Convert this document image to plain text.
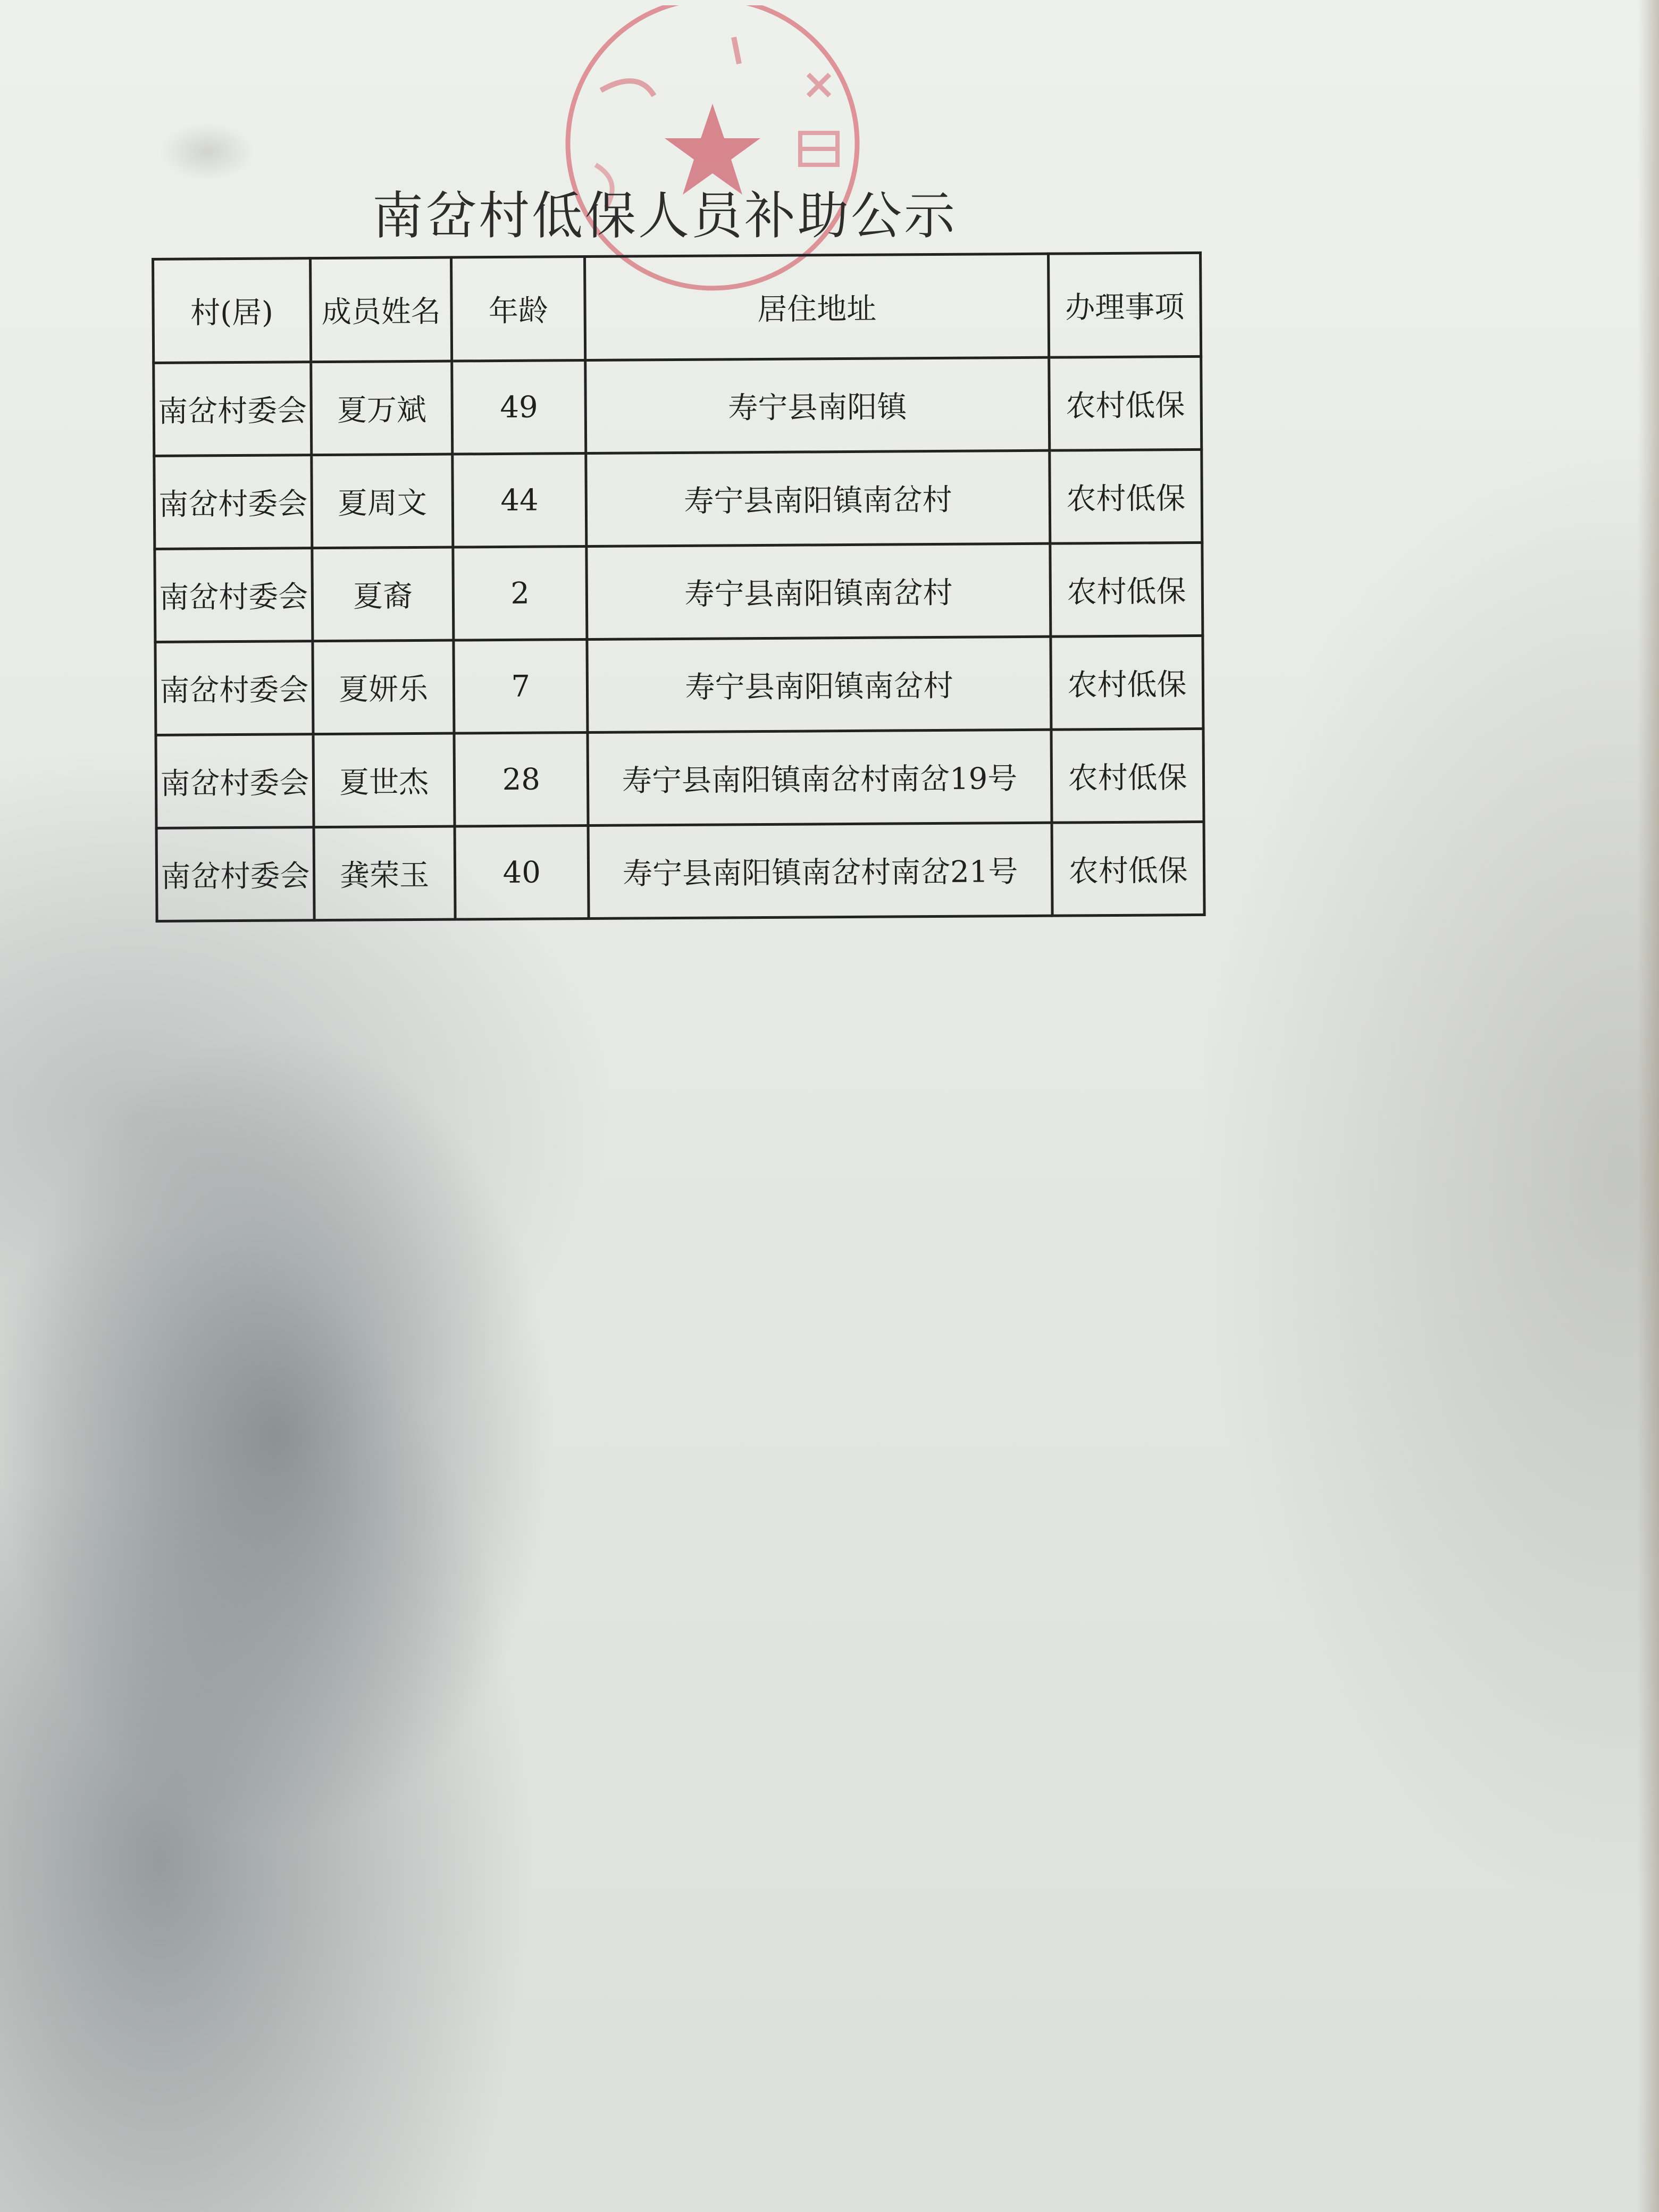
南岔村低保人员补助公示
村(居)	成员姓名	年龄	居住地址	办理事项
南岔村委会	夏万斌	49	寿宁县南阳镇	农村低保
南岔村委会	夏周文	44	寿宁县南阳镇南岔村	农村低保
南岔村委会	夏裔	2	寿宁县南阳镇南岔村	农村低保
南岔村委会	夏妍乐	7	寿宁县南阳镇南岔村	农村低保
南岔村委会	夏世杰	28	寿宁县南阳镇南岔村南岔19号	农村低保
南岔村委会	龚荣玉	40	寿宁县南阳镇南岔村南岔21号	农村低保
